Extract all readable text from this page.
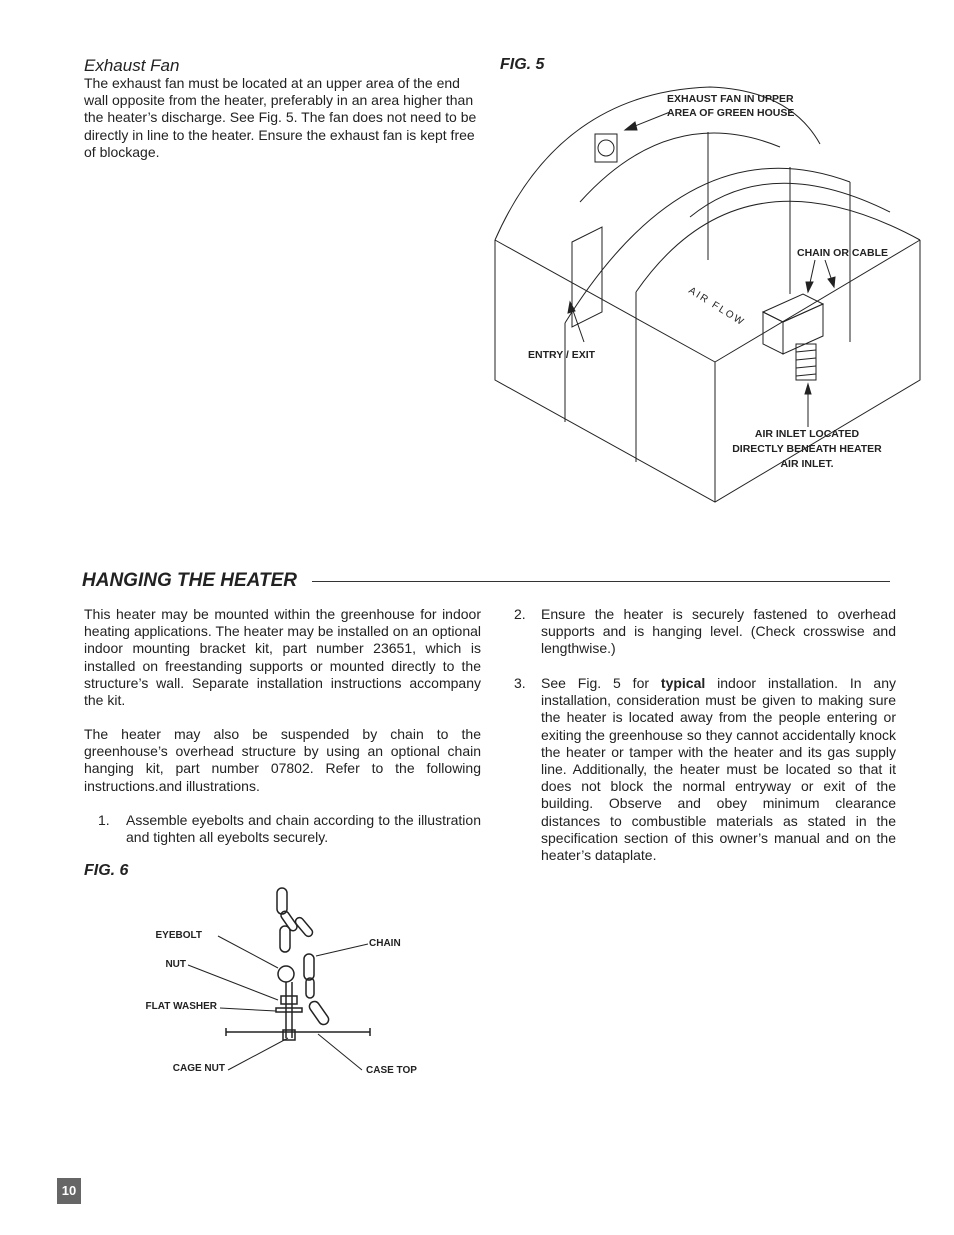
Exhaust Fan
The exhaust fan must be located at an upper area of the end wall opposite from the heater, preferably in an area higher than the heater’s discharge. See Fig. 5. The fan does not need to be directly in line to the heater. Ensure the exhaust fan is kept free of blockage.
FIG. 5
EXHAUST FAN IN UPPER
AREA OF GREEN HOUSE
CHAIN OR CABLE
ENTRY / EXIT
AIR INLET LOCATED
DIRECTLY BENEATH HEATER
AIR INLET.
AIR FLOW
HANGING THE HEATER
This heater may be mounted within the greenhouse for indoor heating applications. The heater may be installed on an optional indoor mounting bracket kit, part number 23651, which is installed on freestanding supports or mounted directly to the structure’s wall. Separate installation instructions accompany the kit.
The heater may also be suspended by chain to the greenhouse’s overhead structure by using an optional chain hanging kit, part number 07802. Refer to the following instructions.and illustrations.
1. Assemble eyebolts and chain according to the illustration and tighten all eyebolts securely.
2. Ensure the heater is securely fastened to overhead supports and is hanging level. (Check crosswise and lengthwise.)
3. See Fig. 5 for typical indoor installation. In any installation, consideration must be given to making sure the heater is located away from the people entering or exiting the greenhouse so they cannot accidentally knock the heater or tamper with the heater and its gas supply line. Additionally, the heater must be located so that it does not block the normal entryway or exit of the building. Observe and obey minimum clearance distances to combustible materials as stated in the specification section of this owner’s manual and on the heater’s dataplate.
FIG. 6
EYEBOLT
NUT
FLAT WASHER
CAGE NUT
CHAIN
CASE TOP
10
